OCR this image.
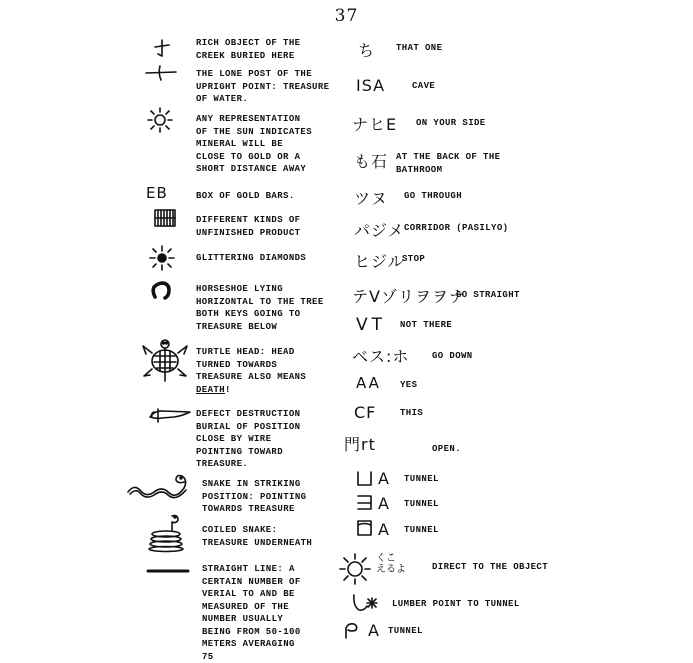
37
EB

RICH OBJECT OF THE
CREEK BURIED HERE

THE LONE POST OF THE
UPRIGHT POINT: TREASURE
OF WATER.

ANY REPRESENTATION
OF THE SUN INDICATES
MINERAL WILL BE
CLOSE TO GOLD OR A
SHORT DISTANCE AWAY

BOX OF GOLD BARS.

DIFFERENT KINDS OF
UNFINISHED PRODUCT

GLITTERING DIAMONDS

HORSESHOE LYING
HORIZONTAL TO THE TREE
BOTH KEYS GOING TO
TREASURE BELOW

TURTLE HEAD: HEAD
TURNED TOWARDS
TREASURE ALSO MEANS
DEATH!

DEFECT DESTRUCTION
BURIAL OF POSITION
CLOSE BY WIRE
POINTING TOWARD
TREASURE.

SNAKE IN STRIKING
POSITION: POINTING
TOWARDS TREASURE

COILED SNAKE:
TREASURE UNDERNEATH

STRAIGHT LINE: A
CERTAIN NUMBER OF
VERIAL TO AND BE
MEASURED OF THE
NUMBER USUALLY
BEING FROM 50-100
METERS AVERAGING
75

ち
ISA
ナヒE
も石
ツヌ
パジメ
ヒジル
テVゾリヲヲナ
VT
ベス:ホ
AA
CF
門rt
A
A
A
くこ
えるよ
A

THAT ONE

CAVE

ON YOUR SIDE

AT THE BACK OF THE
BATHROOM

GO THROUGH

CORRIDOR (PASILYO)

STOP

GO STRAIGHT

NOT THERE

GO DOWN

YES

THIS

OPEN.

TUNNEL

TUNNEL

TUNNEL

DIRECT TO THE OBJECT

LUMBER POINT TO TUNNEL

TUNNEL
